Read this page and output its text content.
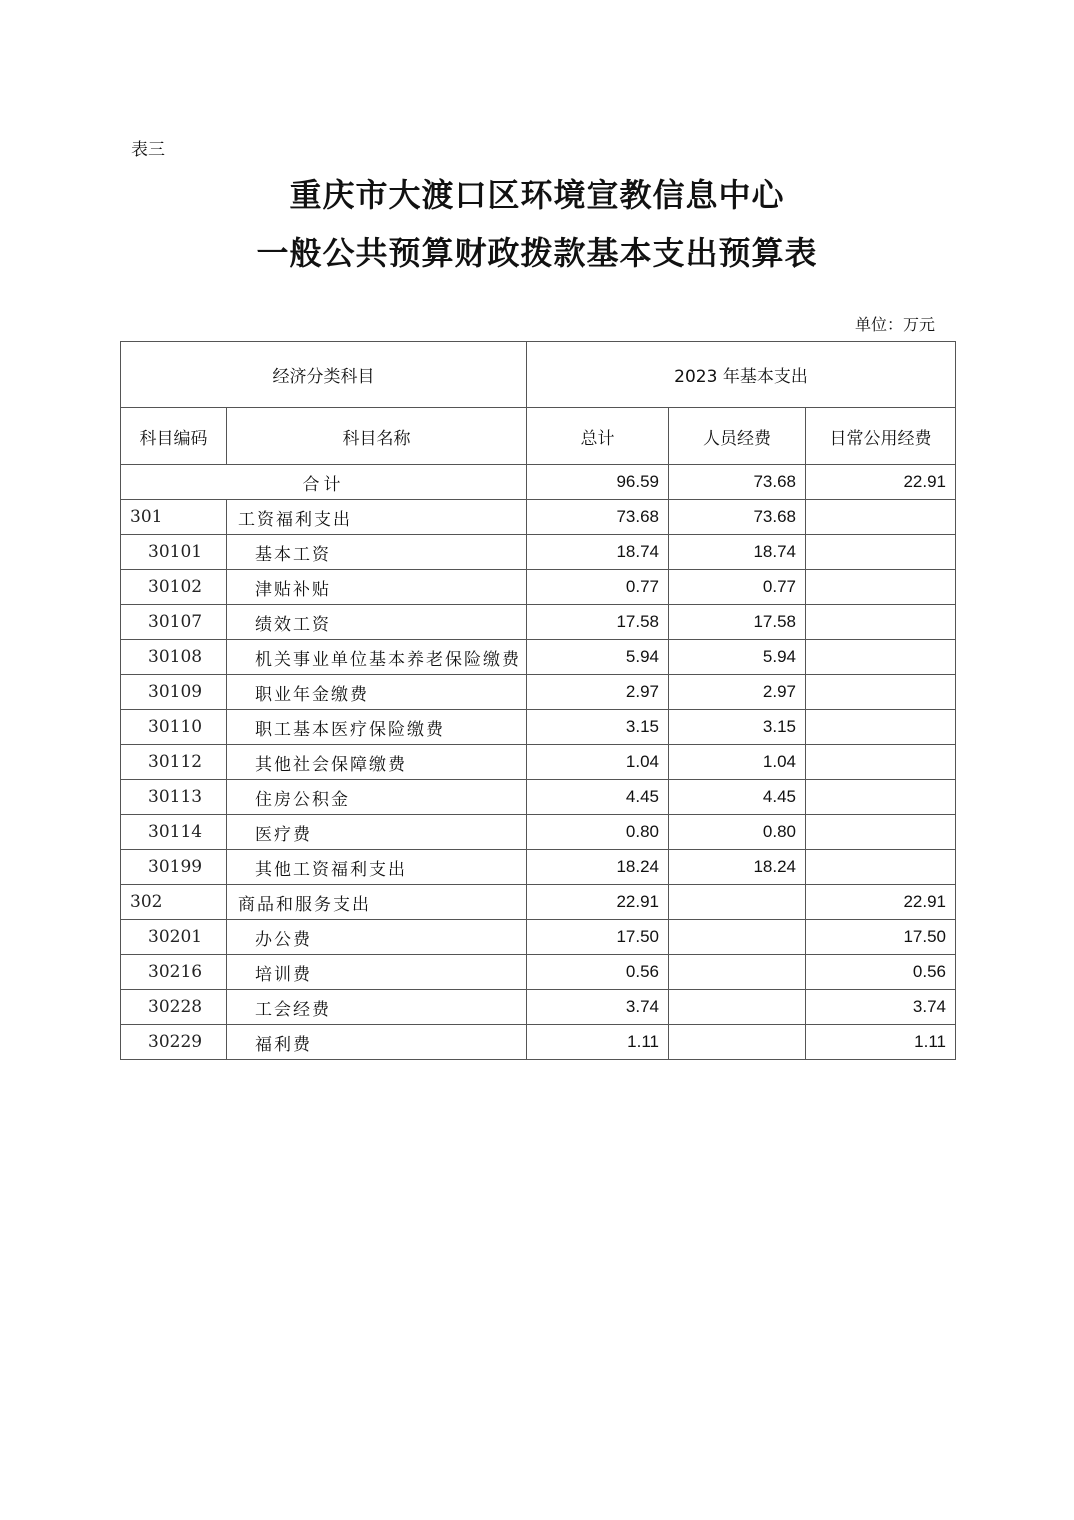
表三
重庆市大渡口区环境宣教信息中心
一般公共预算财政拨款基本支出预算表
单位：万元
经济分类科目		2023 年基本支出		
科目编码	科目名称	总计	人员经费	日常公用经费
合计		96.59	73.68	22.91
301	工资福利支出	73.68	73.68	
30101	基本工资	18.74	18.74	
30102	津贴补贴	0.77	0.77	
30107	绩效工资	17.58	17.58	
30108	机关事业单位基本养老保险缴费	5.94	5.94	
30109	职业年金缴费	2.97	2.97	
30110	职工基本医疗保险缴费	3.15	3.15	
30112	其他社会保障缴费	1.04	1.04	
30113	住房公积金	4.45	4.45	
30114	医疗费	0.80	0.80	
30199	其他工资福利支出	18.24	18.24	
302	商品和服务支出	22.91		22.91
30201	办公费	17.50		17.50
30216	培训费	0.56		0.56
30228	工会经费	3.74		3.74
30229	福利费	1.11		1.11
